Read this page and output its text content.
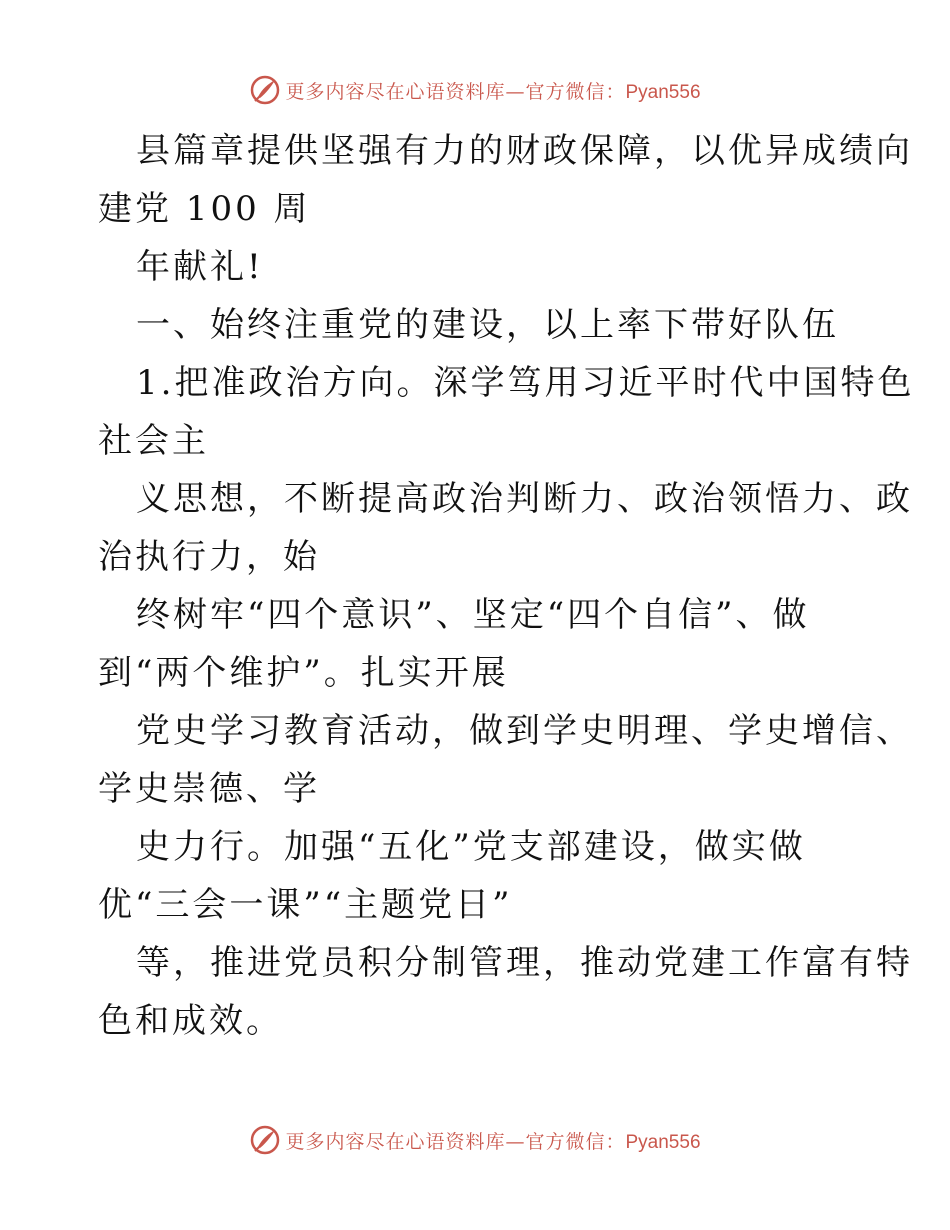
更多内容尽在心语资料库—官方微信：Pyan556
县篇章提供坚强有力的财政保障，以优异成绩向
建党 100 周
年献礼!
一、始终注重党的建设，以上率下带好队伍
1.把准政治方向。深学笃用习近平时代中国特色
社会主
义思想，不断提高政治判断力、政治领悟力、政
治执行力，始
终树牢“四个意识”、坚定“四个自信”、做
到“两个维护”。扎实开展
党史学习教育活动，做到学史明理、学史增信、
学史崇德、学
史力行。加强“五化”党支部建设，做实做
优“三会一课”“主题党日”
等，推进党员积分制管理，推动党建工作富有特
色和成效。
更多内容尽在心语资料库—官方微信：Pyan556
